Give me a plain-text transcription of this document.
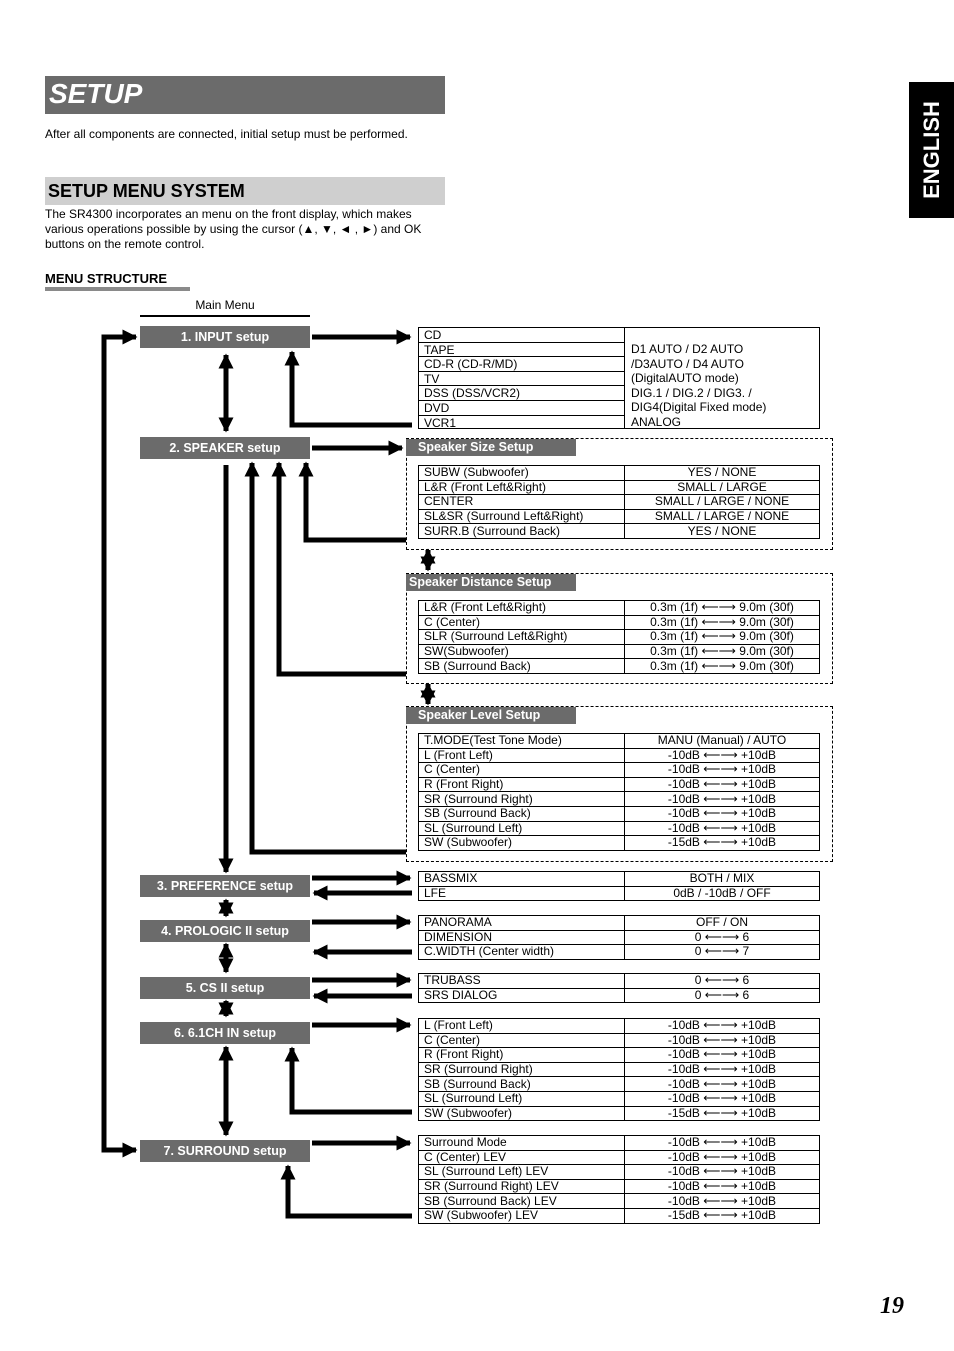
SETUP
After all components are connected, initial setup must be performed.
SETUP MENU SYSTEM
The SR4300 incorporates an menu on the front display, which makes various operations possible by using the cursor (▲, ▼, ◄ , ►) and OK buttons on the remote control.
MENU STRUCTURE
ENGLISH
19
Main Menu
1. INPUT setup
2. SPEAKER setup
3. PREFERENCE setup
4. PROLOGIC II setup
5. CS II setup
6. 6.1CH IN setup
7. SURROUND setup
CD
TAPE
CD-R (CD-R/MD)
TV
DSS (DSS/VCR2)
DVD
VCR1
D1 AUTO / D2 AUTO
/D3AUTO / D4 AUTO
(DigitalAUTO mode)
DIG.1 / DIG.2 / DIG3. /
DIG4(Digital Fixed mode)
ANALOG
Speaker Size Setup
SUBW (Subwoofer)	YES / NONE
L&R (Front Left&Right)	SMALL / LARGE
CENTER	SMALL / LARGE / NONE
SL&SR (Surround Left&Right)	SMALL / LARGE / NONE
SURR.B (Surround Back)	YES / NONE
Speaker Distance Setup
L&R (Front Left&Right)	0.3m (1f) ⟵⟶ 9.0m (30f)
C (Center)	0.3m (1f) ⟵⟶ 9.0m (30f)
SLR (Surround Left&Right)	0.3m (1f) ⟵⟶ 9.0m (30f)
SW(Subwoofer)	0.3m (1f) ⟵⟶ 9.0m (30f)
SB (Surround Back)	0.3m (1f) ⟵⟶ 9.0m (30f)
Speaker Level Setup
T.MODE(Test Tone Mode)	MANU (Manual) / AUTO
L (Front Left)	-10dB ⟵⟶ +10dB
C (Center)	-10dB ⟵⟶ +10dB
R (Front Right)	-10dB ⟵⟶ +10dB
SR (Surround Right)	-10dB ⟵⟶ +10dB
SB (Surround Back)	-10dB ⟵⟶ +10dB
SL (Surround Left)	-10dB ⟵⟶ +10dB
SW (Subwoofer)	-15dB ⟵⟶ +10dB
BASSMIX	BOTH / MIX
LFE	0dB / -10dB / OFF
PANORAMA	OFF / ON
DIMENSION	0 ⟵⟶ 6
C.WIDTH (Center width)	0 ⟵⟶ 7
TRUBASS	0 ⟵⟶ 6
SRS DIALOG	0 ⟵⟶ 6
L (Front Left)	-10dB ⟵⟶ +10dB
C (Center)	-10dB ⟵⟶ +10dB
R (Front Right)	-10dB ⟵⟶ +10dB
SR (Surround Right)	-10dB ⟵⟶ +10dB
SB (Surround Back)	-10dB ⟵⟶ +10dB
SL (Surround Left)	-10dB ⟵⟶ +10dB
SW (Subwoofer)	-15dB ⟵⟶ +10dB
Surround Mode	-10dB ⟵⟶ +10dB
C (Center) LEV	-10dB ⟵⟶ +10dB
SL (Surround Left) LEV	-10dB ⟵⟶ +10dB
SR (Surround Right) LEV	-10dB ⟵⟶ +10dB
SB (Surround Back) LEV	-10dB ⟵⟶ +10dB
SW (Subwoofer) LEV	-15dB ⟵⟶ +10dB
